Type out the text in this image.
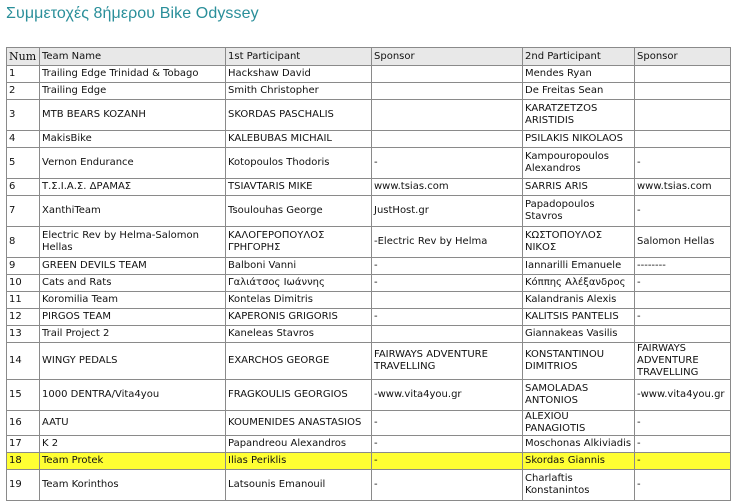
Συμμετοχές 8ήμερου Bike Odyssey
Num	Team Name	1st Participant	Sponsor	2nd Participant	Sponsor
1	Trailing Edge Trinidad & Tobago	Hackshaw David		Mendes Ryan	
2	Trailing Edge	Smith Christopher		De Freitas Sean	
3	MTB BEARS KOZANH	SKORDAS PASCHALIS		KARATZETZOS ARISTIDIS	
4	MakisBike	KALEBUBAS MICHAIL		PSILAKIS NIKOLAOS	
5	Vernon Endurance	Kotopoulos Thodoris	-	Kampouropoulos Alexandros	-
6	Τ.Σ.Ι.Α.Σ. ΔΡΑΜΑΣ	TSIAVTARIS MIKE	www.tsias.com	SARRIS ARIS	www.tsias.com
7	XanthiTeam	Tsoulouhas George	JustHost.gr	Papadopoulos Stavros	-
8	Electric Rev by Helma-Salomon Hellas	ΚΑΛΟΓΕΡΟΠΟΥΛΟΣ ΓΡΗΓΟΡΗΣ	-Electric Rev by Helma	ΚΩΣΤΟΠΟΥΛΟΣ ΝΙΚΟΣ	Salomon Hellas
9	GREEN DEVILS TEAM	Balboni Vanni	-	Iannarilli Emanuele	--------
10	Cats and Rats	Γαλιάτσος Ιωάννης	-	Κόππης Αλέξανδρος	-
11	Koromilia Team	Kontelas Dimitris		Kalandranis Alexis	
12	PIRGOS TEAM	KAPERONIS GRIGORIS	-	KALITSIS PANTELIS	-
13	Trail Project 2	Kaneleas Stavros		Giannakeas Vasilis	
14	WINGY PEDALS	EXARCHOS GEORGE	FAIRWAYS ADVENTURE TRAVELLING	KONSTANTINOU DIMITRIOS	FAIRWAYS ADVENTURE TRAVELLING
15	1000 DENTRA/Vita4you	FRAGKOULIS GEORGIOS	-www.vita4you.gr	SAMOLADAS ANTONIOS	-www.vita4you.gr
16	AATU	KOUMENIDES ANASTASIOS	-	ALEXIOU PANAGIOTIS	-
17	K 2	Papandreou Alexandros	-	Moschonas Alkiviadis	-
18	Team Protek	Ilias Periklis	-	Skordas Giannis	-
19	Team Korinthos	Latsounis Emanouil	-	Charlaftis Konstanintos	-
